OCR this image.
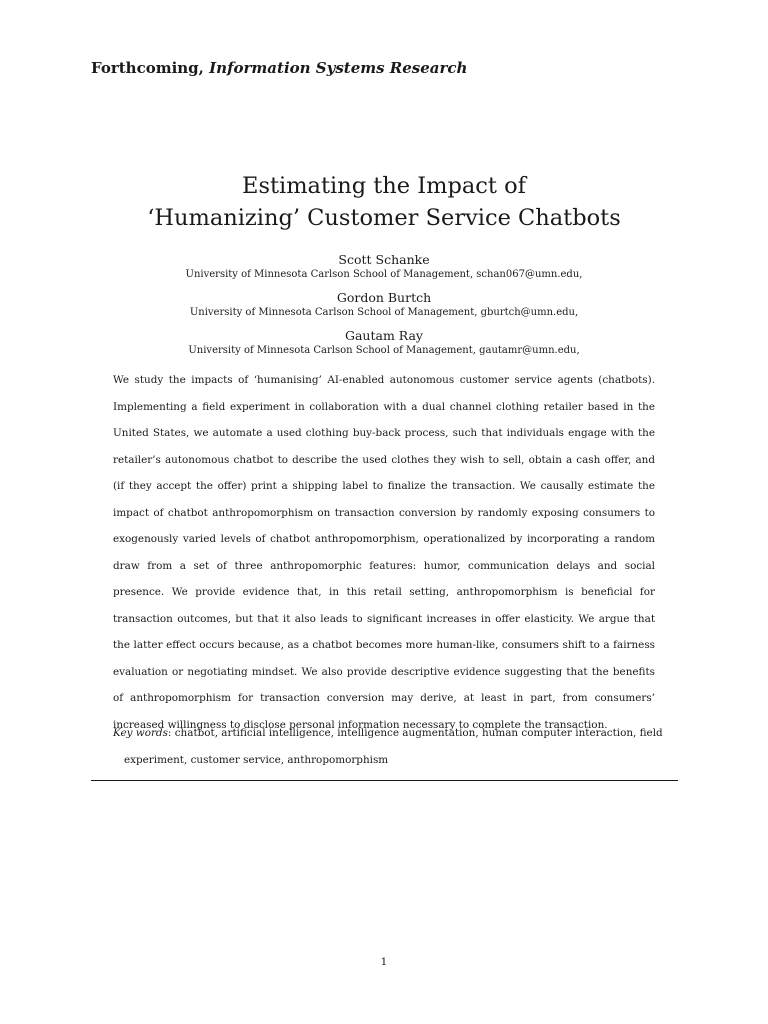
Forthcoming, Information Systems Research
Estimating the Impact of
‘Humanizing’ Customer Service Chatbots
Scott Schanke
University of Minnesota Carlson School of Management, schan067@umn.edu,
Gordon Burtch
University of Minnesota Carlson School of Management, gburtch@umn.edu,
Gautam Ray
University of Minnesota Carlson School of Management, gautamr@umn.edu,

We study the impacts of ‘humanising’ AI-enabled autonomous customer service agents (chatbots). Implementing a field experiment in collaboration with a dual channel clothing retailer based in the United States, we automate a used clothing buy-back process, such that individuals engage with the retailer’s autonomous chatbot to describe the used clothes they wish to sell, obtain a cash offer, and (if they accept the offer) print a shipping label to finalize the transaction. We causally estimate the impact of chatbot anthropomorphism on transaction conversion by randomly exposing consumers to exogenously varied levels of chatbot anthropomorphism, operationalized by incorporating a random draw from a set of three anthropomorphic features: humor, communication delays and social presence. We provide evidence that, in this retail setting, anthropomorphism is beneficial for transaction outcomes, but that it also leads to significant increases in offer elasticity. We argue that the latter effect occurs because, as a chatbot becomes more human-like, consumers shift to a fairness evaluation or negotiating mindset. We also provide descriptive evidence suggesting that the benefits of anthropomorphism for transaction conversion may derive, at least in part, from consumers’ increased willingness to disclose personal information necessary to complete the transaction.

Key words: chatbot, artificial intelligence, intelligence augmentation, human computer interaction, field experiment, customer service, anthropomorphism

1
